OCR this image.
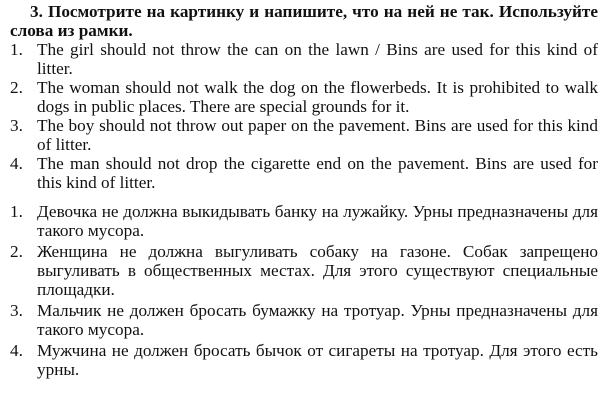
3. Посмотрите на картинку и напишите, что на ней не так. Используйте слова из рамки.

1. The girl should not throw the can on the lawn / Bins are used for this kind of litter.
2. The woman should not walk the dog on the flowerbeds. It is prohibited to walk dogs in public places. There are special grounds for it.
3. The boy should not throw out paper on the pavement. Bins are used for this kind of litter.
4. The man should not drop the cigarette end on the pavement. Bins are used for this kind of litter.
1. Девочка не должна выкидывать банку на лужайку. Урны предназначены для такого мусора.
2. Женщина не должна выгуливать собаку на газоне. Собак запрещено выгуливать в общественных местах. Для этого существуют специальные площадки.
3. Мальчик не должен бросать бумажку на тротуар. Урны предназначены для такого мусора.
4. Мужчина не должен бросать бычок от сигареты на тротуар. Для этого есть урны.
